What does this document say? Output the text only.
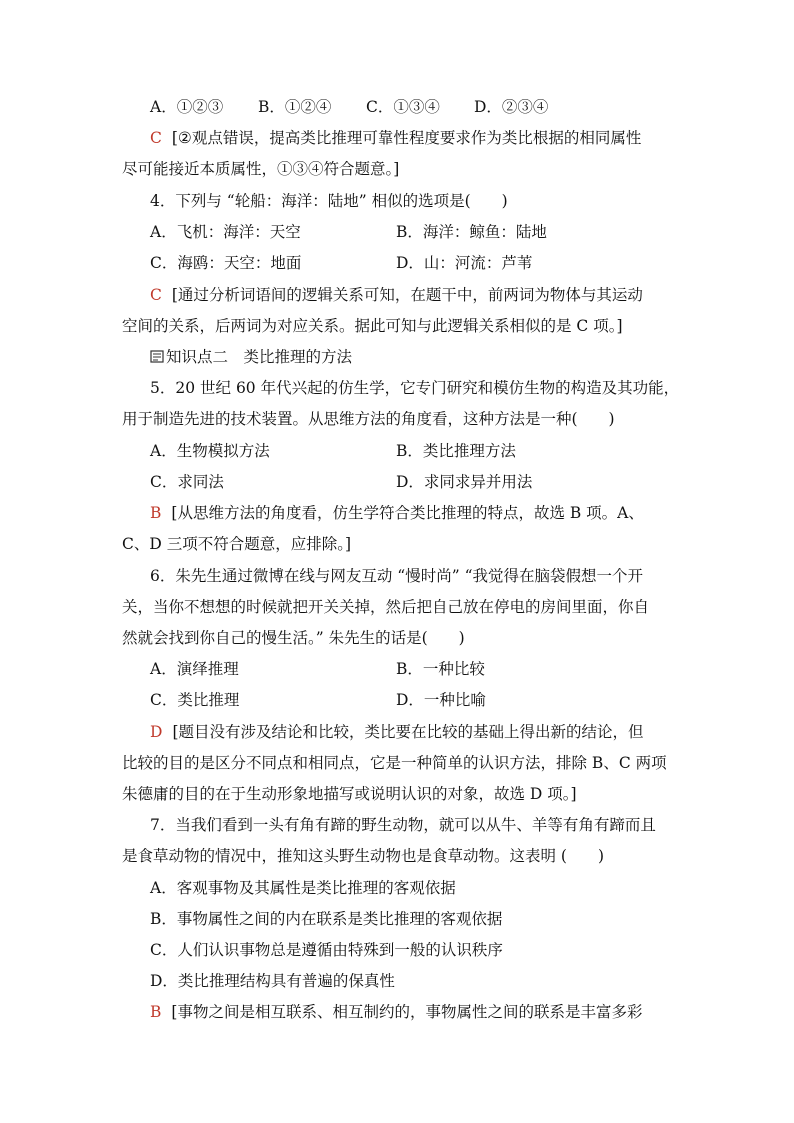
A．①②③ B．①②④ C．①③④ D．②③④
C [②观点错误，提高类比推理可靠性程度要求作为类比根据的相同属性
尽可能接近本质属性，①③④符合题意。]
4．下列与 “轮船：海洋：陆地” 相似的选项是(　　)
A．飞机：海洋：天空	B．海洋：鲸鱼：陆地
C．海鸥：天空：地面	D．山：河流：芦苇
C [通过分析词语间的逻辑关系可知，在题干中，前两词为物体与其运动
空间的关系，后两词为对应关系。据此可知与此逻辑关系相似的是 C 项。]
知识点二　类比推理的方法
5．20 世纪 60 年代兴起的仿生学，它专门研究和模仿生物的构造及其功能，
用于制造先进的技术装置。从思维方法的角度看，这种方法是一种(　　)
A．生物模拟方法	B．类比推理方法
C．求同法	D．求同求异并用法
B [从思维方法的角度看，仿生学符合类比推理的特点，故选 B 项。A、
C、D 三项不符合题意，应排除。]
6．朱先生通过微博在线与网友互动 “慢时尚” “我觉得在脑袋假想一个开
关，当你不想想的时候就把开关关掉，然后把自己放在停电的房间里面，你自
然就会找到你自己的慢生活。” 朱先生的话是(　　)
A．演绎推理	B．一种比较
C．类比推理	D．一种比喻
D [题目没有涉及结论和比较，类比要在比较的基础上得出新的结论，但
比较的目的是区分不同点和相同点，它是一种简单的认识方法，排除 B、C 两项
朱德庸的目的在于生动形象地描写或说明认识的对象，故选 D 项。]
7．当我们看到一头有角有蹄的野生动物，就可以从牛、羊等有角有蹄而且
是食草动物的情况中，推知这头野生动物也是食草动物。这表明 (　　)
A．客观事物及其属性是类比推理的客观依据
B．事物属性之间的内在联系是类比推理的客观依据
C．人们认识事物总是遵循由特殊到一般的认识秩序
D．类比推理结构具有普遍的保真性
B [事物之间是相互联系、相互制约的，事物属性之间的联系是丰富多彩
